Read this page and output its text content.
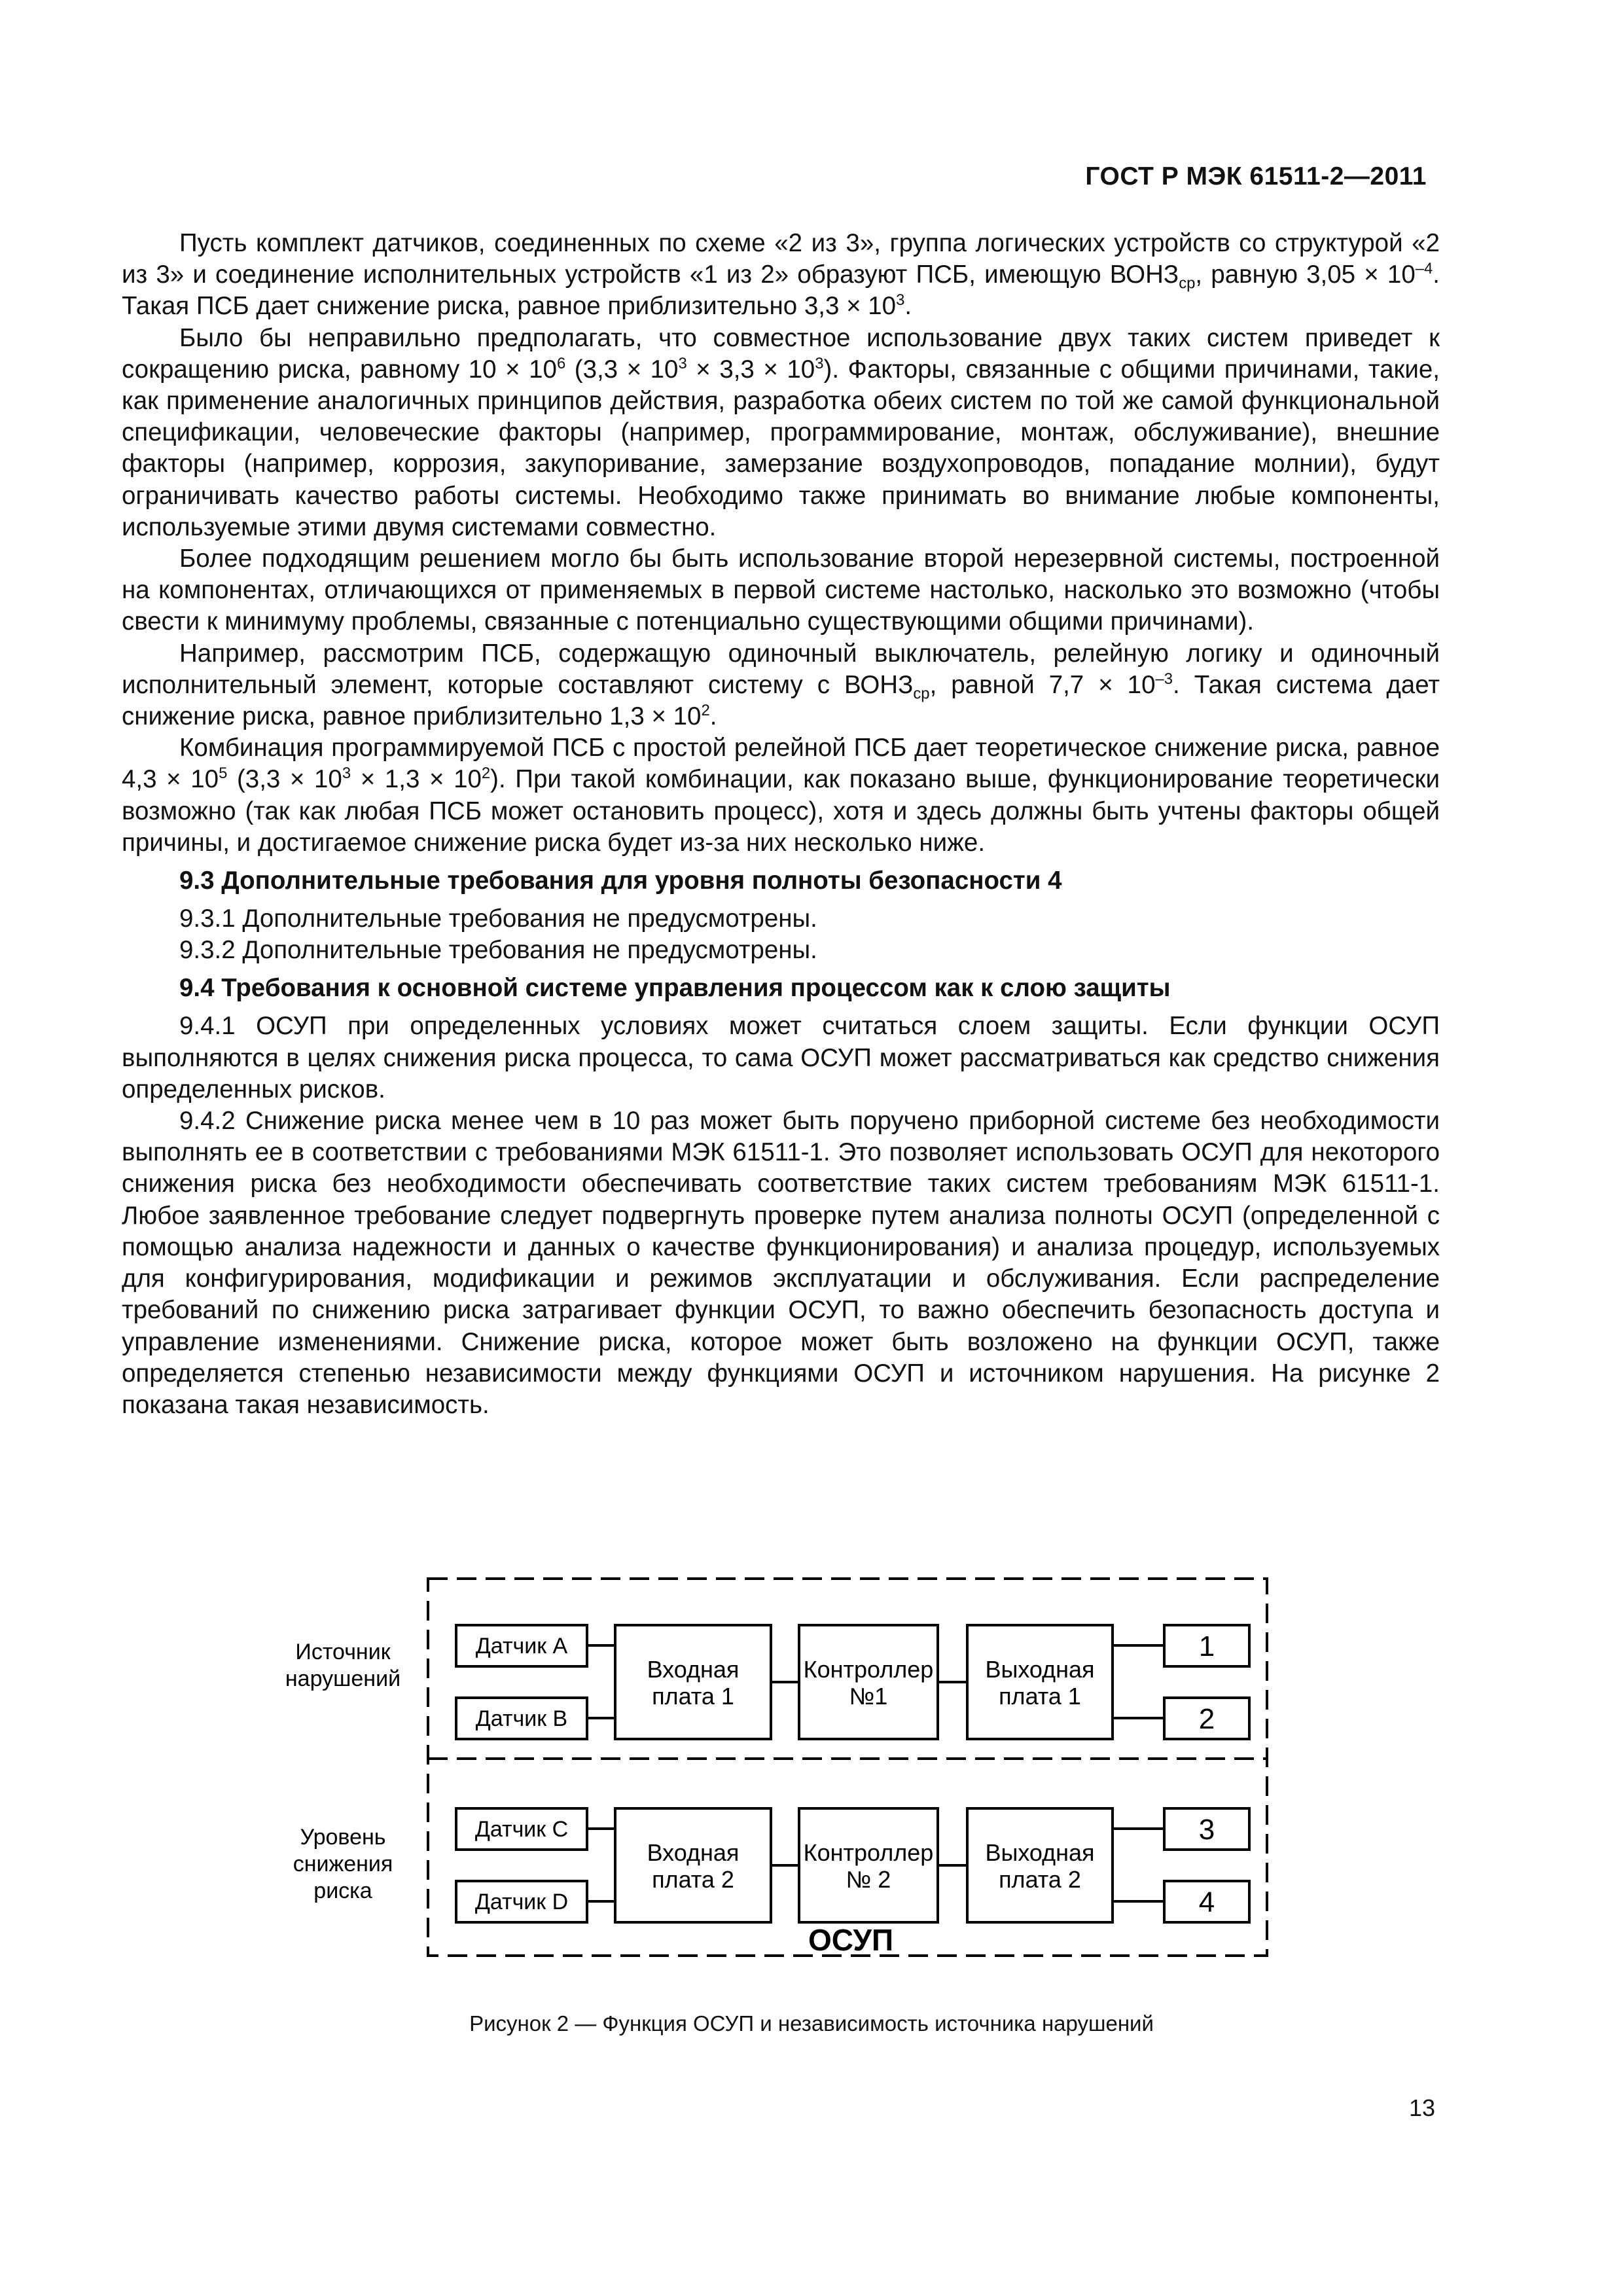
ГОСТ Р МЭК 61511-2—2011

Пусть комплект датчиков, соединенных по схеме «2 из 3», группа логических устройств со структурой «2 из 3» и соединение исполнительных устройств «1 из 2» образуют ПСБ, имеющую $ВОНЗ_{ср}$, равную $3,05 \times 10^{-4}$. Такая ПСБ дает снижение риска, равное приблизительно $3,3 \times 10^3$.

Было бы неправильно предполагать, что совместное использование двух таких систем приведет к сокращению риска, равному $10 \times 10^6$ $(3,3 \times 10^3 \times 3,3 \times 10^3)$. Факторы, связанные с общими причинами, такие, как применение аналогичных принципов действия, разработка обеих систем по той же самой функциональной спецификации, человеческие факторы (например, программирование, монтаж, обслуживание), внешние факторы (например, коррозия, закупоривание, замерзание воздухопроводов, попадание молнии), будут ограничивать качество работы системы. Необходимо также принимать во внимание любые компоненты, используемые этими двумя системами совместно.

Более подходящим решением могло бы быть использование второй нерезервной системы, построенной на компонентах, отличающихся от применяемых в первой системе настолько, насколько это возможно (чтобы свести к минимуму проблемы, связанные с потенциально существующими общими причинами).

Например, рассмотрим ПСБ, содержащую одиночный выключатель, релейную логику и одиночный исполнительный элемент, которые составляют систему с $ВОНЗ_{ср}$, равной $7,7 \times 10^{-3}$. Такая система дает снижение риска, равное приблизительно $1,3 \times 10^2$.

Комбинация программируемой ПСБ с простой релейной ПСБ дает теоретическое снижение риска, равное $4,3 \times 10^5$ $(3,3 \times 10^3 \times 1,3 \times 10^2)$. При такой комбинации, как показано выше, функционирование теоретически возможно (так как любая ПСБ может остановить процесс), хотя и здесь должны быть учтены факторы общей причины, и достигаемое снижение риска будет из-за них несколько ниже.

9.3 Дополнительные требования для уровня полноты безопасности 4

9.3.1 Дополнительные требования не предусмотрены.

9.3.2 Дополнительные требования не предусмотрены.

9.4 Требования к основной системе управления процессом как к слою защиты

9.4.1 ОСУП при определенных условиях может считаться слоем защиты. Если функции ОСУП выполняются в целях снижения риска процесса, то сама ОСУП может рассматриваться как средство снижения определенных рисков.

9.4.2 Снижение риска менее чем в 10 раз может быть поручено приборной системе без необходимости выполнять ее в соответствии с требованиями МЭК 61511-1. Это позволяет использовать ОСУП для некоторого снижения риска без необходимости обеспечивать соответствие таких систем требованиям МЭК 61511-1. Любое заявленное требование следует подвергнуть проверке путем анализа полноты ОСУП (определенной с помощью анализа надежности и данных о качестве функционирования) и анализа процедур, используемых для конфигурирования, модификации и режимов эксплуатации и обслуживания. Если распределение требований по снижению риска затрагивает функции ОСУП, то важно обеспечить безопасность доступа и управление изменениями. Снижение риска, которое может быть возложено на функции ОСУП, также определяется степенью независимости между функциями ОСУП и источником нарушения. На рисунке 2 показана такая независимость.

Источник
нарушений
Уровень
снижения
риска
Датчик A
Датчик B
Датчик C
Датчик D
Входная
плата 1
Входная
плата 2
Контроллер
№1
Контроллер
№ 2
Выходная
плата 1
Выходная
плата 2
1
2
3
4
ОСУП
Рисунок 2 — Функция ОСУП и независимость источника нарушений
13
